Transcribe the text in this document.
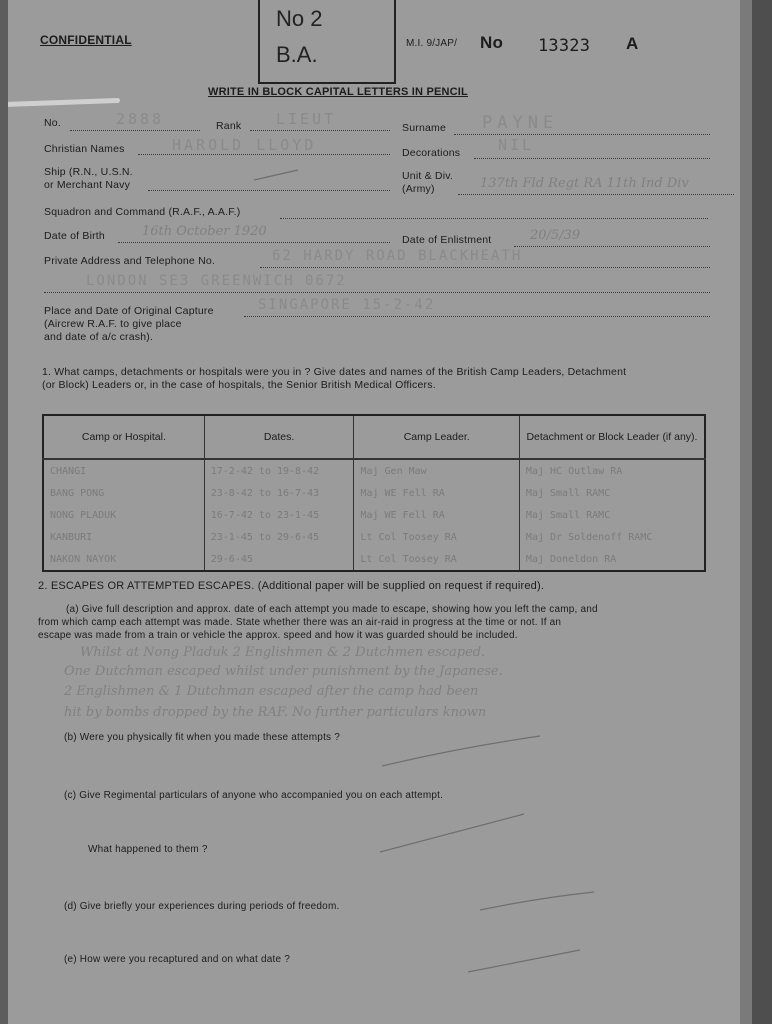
CONFIDENTIAL
No 2
B.A.	M.I. 9/JAP/ No 13323 A
WRITE IN BLOCK CAPITAL LETTERS IN PENCIL
No.	2888	Rank LIEUT	Surname PAYNE
Christian Names	HAROLD LLOYD	Decorations	NIL
Ship (R.N., U.S.N.
or Merchant Navy
Unit & Div.
(Army)	137th Fld Regt RA 11th Ind Div
Squadron and Command (R.A.F., A.A.F.)
Date of Birth	16th October 1920
Date of Enlistment	20/5/39
Private Address and Telephone No.	62 HARDY ROAD BLACKHEATH
LONDON SE3 GREENWICH 0672
Place and Date of Original Capture
(Aircrew R.A.F. to give place
and date of a/c crash).
SINGAPORE 15-2-42
1. What camps, detachments or hospitals were you in ? Give dates and names of the British Camp Leaders, Detachment
(or Block) Leaders or, in the case of hospitals, the Senior British Medical Officers.
Camp or Hospital.	Dates.	Camp Leader.	Detachment or Block Leader (if any).
CHANGI	17-2-42 to 19-8-42	Maj Gen Maw	Maj HC Outlaw RA
BANG PONG	23-8-42 to 16-7-43	Maj WE Fell RA	Maj Small RAMC
NONG PLADUK	16-7-42 to 23-1-45	Maj WE Fell RA	Maj Small RAMC
KANBURI	23-1-45 to 29-6-45	Lt Col Toosey RA	Maj Dr Soldenoff RAMC
NAKON NAYOK	29-6-45	Lt Col Toosey RA	Maj Doneldon RA
2. ESCAPES OR ATTEMPTED ESCAPES. (Additional paper will be supplied on request if required).
(a) Give full description and approx. date of each attempt you made to escape, showing how you left the camp, and
from which camp each attempt was made. State whether there was an air-raid in progress at the time or not. If an
escape was made from a train or vehicle the approx. speed and how it was guarded should be included.
Whilst at Nong Pladuk 2 Englishmen & 2 Dutchmen escaped.
One Dutchman escaped whilst under punishment by the Japanese.
2 Englishmen & 1 Dutchman escaped after the camp had been
hit by bombs dropped by the RAF. No further particulars known
(b) Were you physically fit when you made these attempts ?
(c) Give Regimental particulars of anyone who accompanied you on each attempt.
What happened to them ?
(d) Give briefly your experiences during periods of freedom.
(e) How were you recaptured and on what date ?
